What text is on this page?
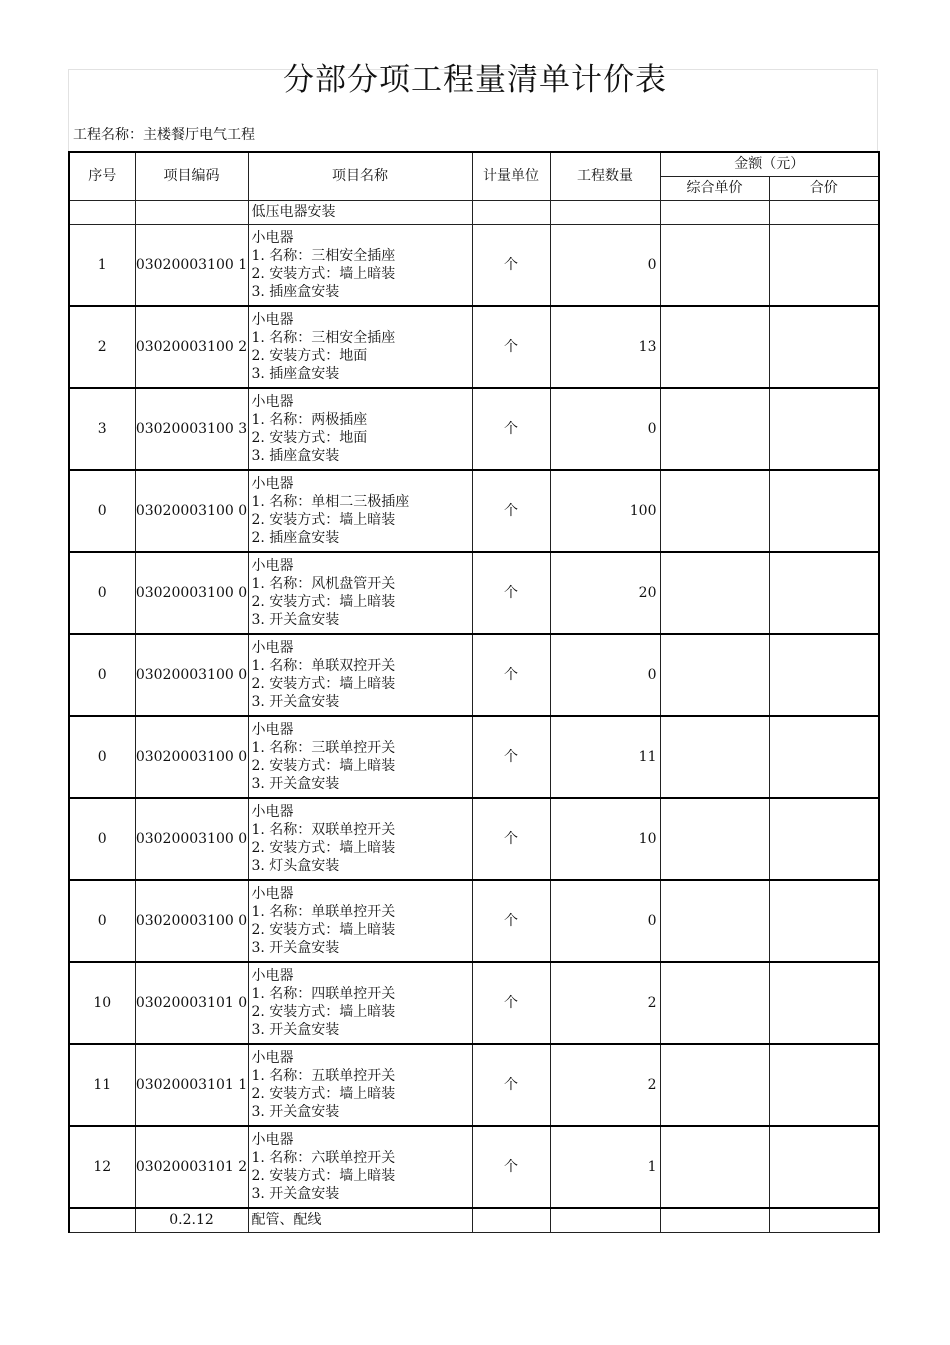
分部分项工程量清单计价表
工程名称：主楼餐厅电气工程
序号	项目编码	项目名称	计量单位	工程数量	金额（元）	
					综合单价	合价
		低压电器安装				
1	03020003100 1	小电器
1. 名称：三相安全插座
2. 安装方式：墙上暗装
3. 插座盒安装	个	0		
2	03020003100 2	小电器
1. 名称：三相安全插座
2. 安装方式：地面
3. 插座盒安装	个	13		
3	03020003100 3	小电器
1. 名称：两极插座
2. 安装方式：地面
3. 插座盒安装	个	0		
0	03020003100 0	小电器
1. 名称：单相二三极插座
2. 安装方式：墙上暗装
2. 插座盒安装	个	100		
0	03020003100 0	小电器
1. 名称：风机盘管开关
2. 安装方式：墙上暗装
3. 开关盒安装	个	20		
0	03020003100 0	小电器
1. 名称：单联双控开关
2. 安装方式：墙上暗装
3. 开关盒安装	个	0		
0	03020003100 0	小电器
1. 名称：三联单控开关
2. 安装方式：墙上暗装
3. 开关盒安装	个	11		
0	03020003100 0	小电器
1. 名称：双联单控开关
2. 安装方式：墙上暗装
3. 灯头盒安装	个	10		
0	03020003100 0	小电器
1. 名称：单联单控开关
2. 安装方式：墙上暗装
3. 开关盒安装	个	0		
10	03020003101 0	小电器
1. 名称：四联单控开关
2. 安装方式：墙上暗装
3. 开关盒安装	个	2		
11	03020003101 1	小电器
1. 名称：五联单控开关
2. 安装方式：墙上暗装
3. 开关盒安装	个	2		
12	03020003101 2	小电器
1. 名称：六联单控开关
2. 安装方式：墙上暗装
3. 开关盒安装	个	1		
	0.2.12	配管、配线				
